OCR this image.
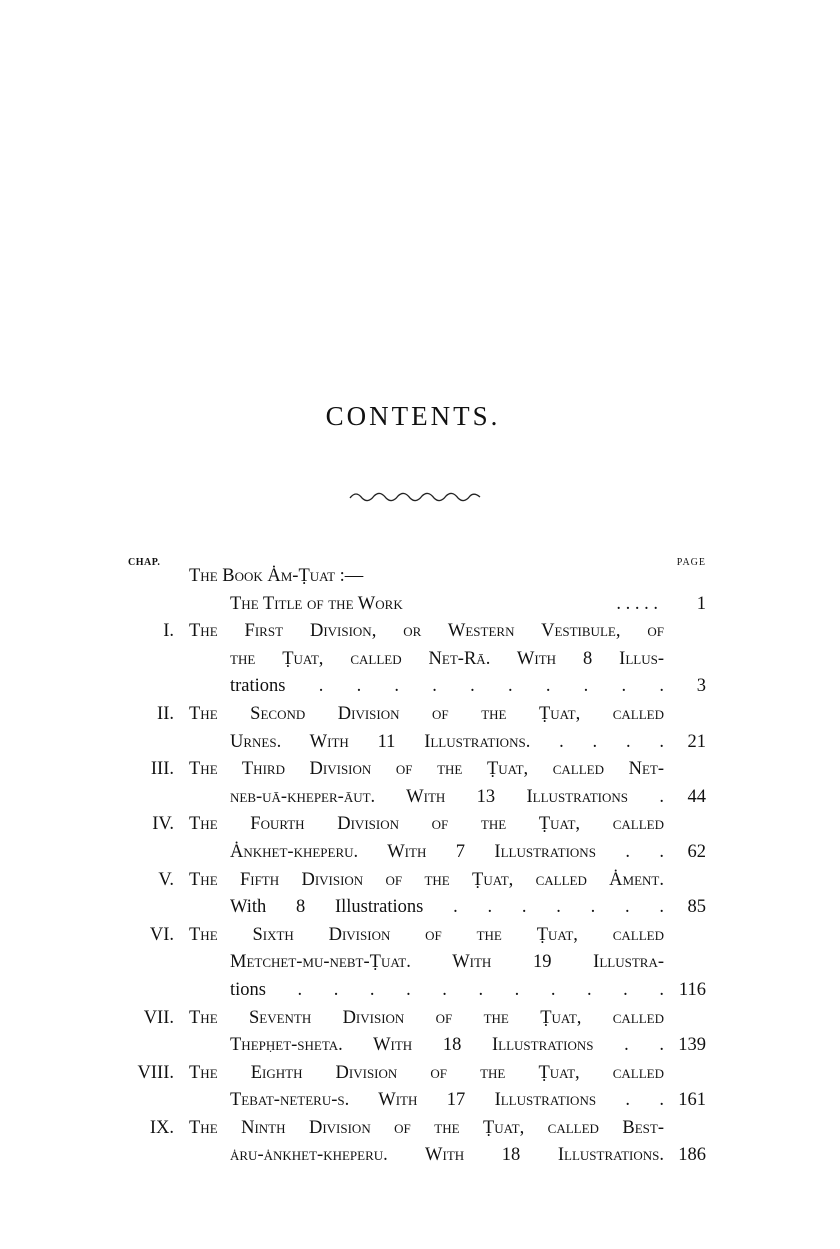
CONTENTS.
CHAP.	PAGE
The Book Ȧm-Ṭuat :—
The Title of the Work	. . . . . 1
I. The First Division, or Western Vestibule, of
the Ṭuat, called Net-Rā. With 8 Illus-
trations . . . . . . . . . . 3
II. The Second Division of the Ṭuat, called
Urnes. With 11 Illustrations. . . . . 21
III. The Third Division of the Ṭuat, called Net-
neb-uā-kheper-āut. With 13 Illustrations . 44
IV. The Fourth Division of the Ṭuat, called
Ȧnkhet-kheperu. With 7 Illustrations . . 62
V. The Fifth Division of the Ṭuat, called Ȧment.
With 8 Illustrations . . . . . . . 85
VI. The Sixth Division of the Ṭuat, called
Metchet-mu-nebt-Ṭuat. With 19 Illustra-
tions . . . . . . . . . . . 116
VII. The Seventh Division of the Ṭuat, called
Thepḥet-sheta. With 18 Illustrations . . 139
VIII. The Eighth Division of the Ṭuat, called
Tebat-neteru-s. With 17 Illustrations . . 161
IX. The Ninth Division of the Ṭuat, called Best-
ȧru-ȧnkhet-kheperu. With 18 Illustrations. 186
